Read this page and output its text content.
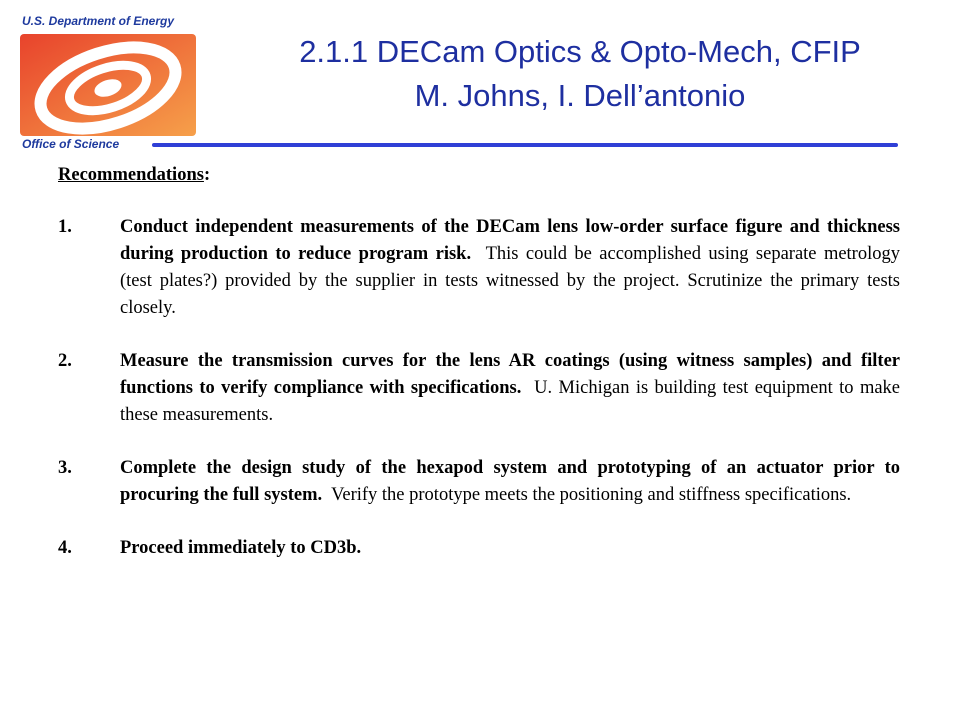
U.S. Department of Energy
Office of Science
2.1.1 DECam Optics & Opto-Mech, CFIP
M. Johns, I. Dell’antonio

Recommendations:

1.	Conduct independent measurements of the DECam lens low-order surface figure and thickness during production to reduce program risk. This could be accomplished using separate metrology (test plates?) provided by the supplier in tests witnessed by the project. Scrutinize the primary tests closely.
2.	Measure the transmission curves for the lens AR coatings (using witness samples) and filter functions to verify compliance with specifications. U. Michigan is building test equipment to make these measurements.
3.	Complete the design study of the hexapod system and prototyping of an actuator prior to procuring the full system. Verify the prototype meets the positioning and stiffness specifications.
4.	Proceed immediately to CD3b.
